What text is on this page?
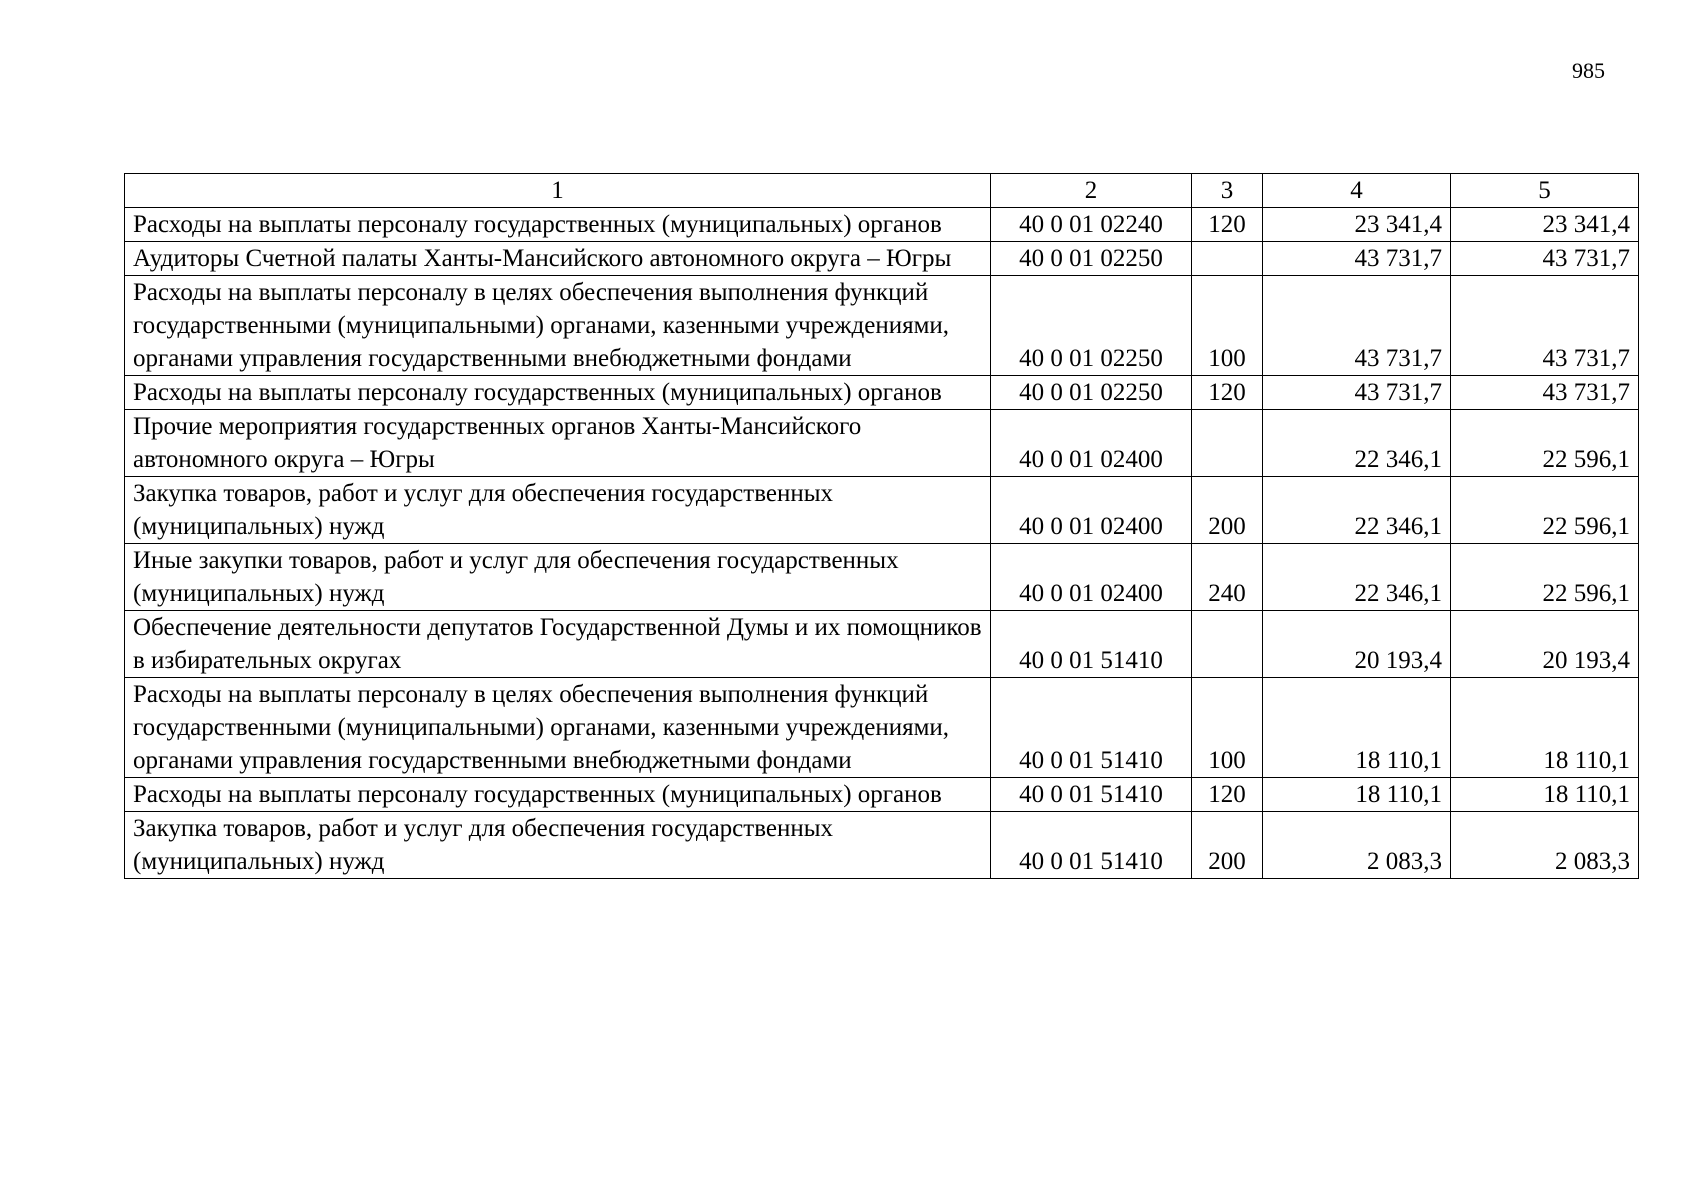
985
1	2	3	4	5
Расходы на выплаты персоналу государственных (муниципальных) органов	40 0 01 02240	120	23 341,4	23 341,4
Аудиторы Счетной палаты Ханты-Мансийского автономного округа – Югры	40 0 01 02250		43 731,7	43 731,7
Расходы на выплаты персоналу в целях обеспечения выполнения функций государственными (муниципальными) органами, казенными учреждениями, органами управления государственными внебюджетными фондами	40 0 01 02250	100	43 731,7	43 731,7
Расходы на выплаты персоналу государственных (муниципальных) органов	40 0 01 02250	120	43 731,7	43 731,7
Прочие мероприятия государственных органов Ханты-Мансийского автономного округа – Югры	40 0 01 02400		22 346,1	22 596,1
Закупка товаров, работ и услуг для обеспечения государственных (муниципальных) нужд	40 0 01 02400	200	22 346,1	22 596,1
Иные закупки товаров, работ и услуг для обеспечения государственных (муниципальных) нужд	40 0 01 02400	240	22 346,1	22 596,1
Обеспечение деятельности депутатов Государственной Думы и их помощников в избирательных округах	40 0 01 51410		20 193,4	20 193,4
Расходы на выплаты персоналу в целях обеспечения выполнения функций государственными (муниципальными) органами, казенными учреждениями, органами управления государственными внебюджетными фондами	40 0 01 51410	100	18 110,1	18 110,1
Расходы на выплаты персоналу государственных (муниципальных) органов	40 0 01 51410	120	18 110,1	18 110,1
Закупка товаров, работ и услуг для обеспечения государственных (муниципальных) нужд	40 0 01 51410	200	2 083,3	2 083,3
